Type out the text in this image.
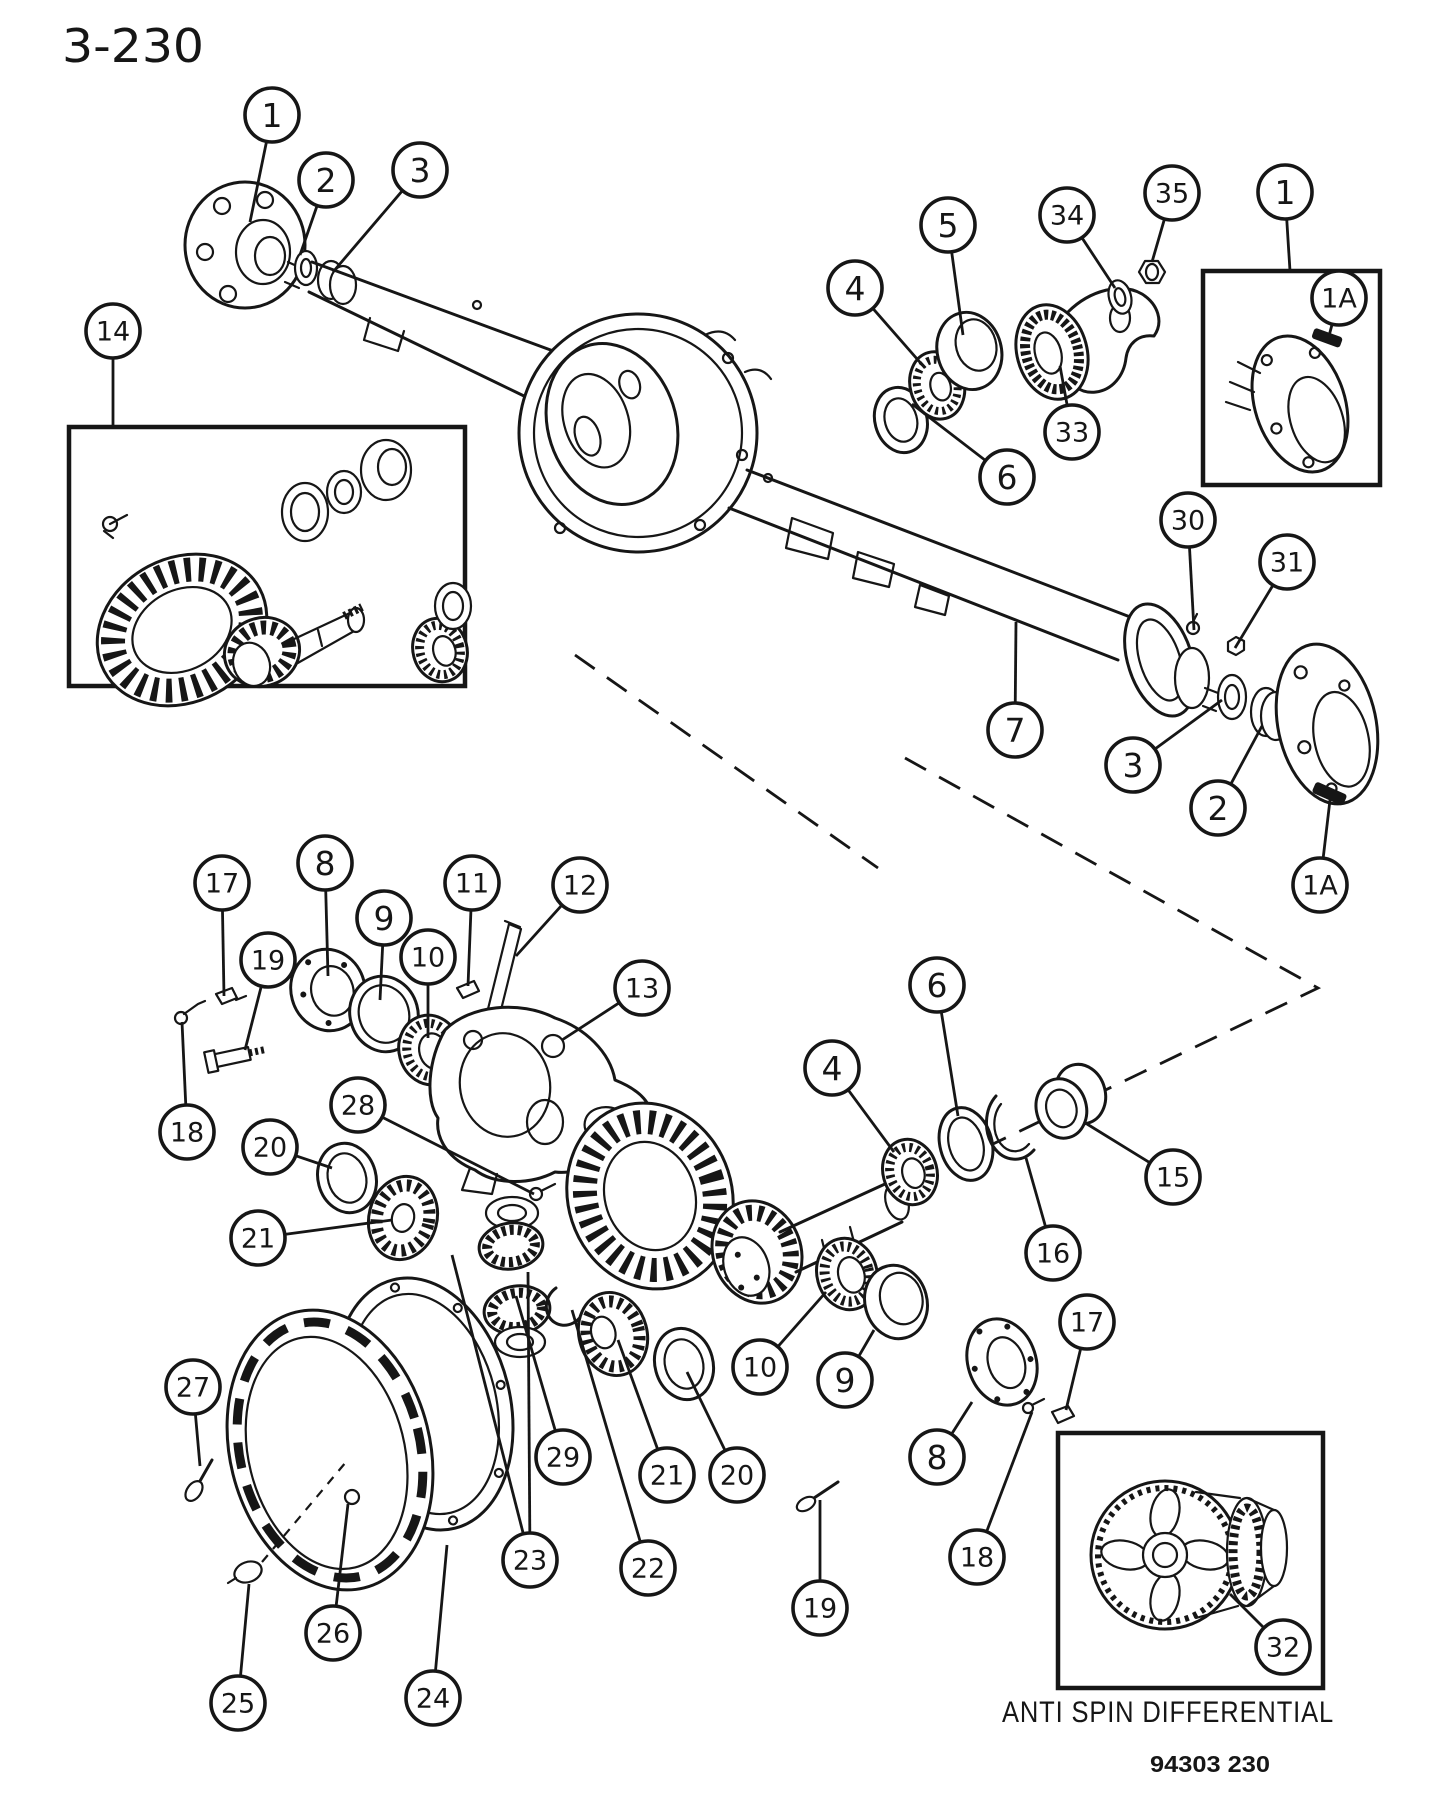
1
2 3
14
4
5	34
35	1
1A
33
6
30
31
7
3
2
1A
17
8
9
10
11	12
13
19
18 20
21
28
4
6
15
16
10 9
8
17
18
19
27
25
26
24
23
29
22
21 20
32
3-230
ANTI SPIN DIFFERENTIAL
94303 230
